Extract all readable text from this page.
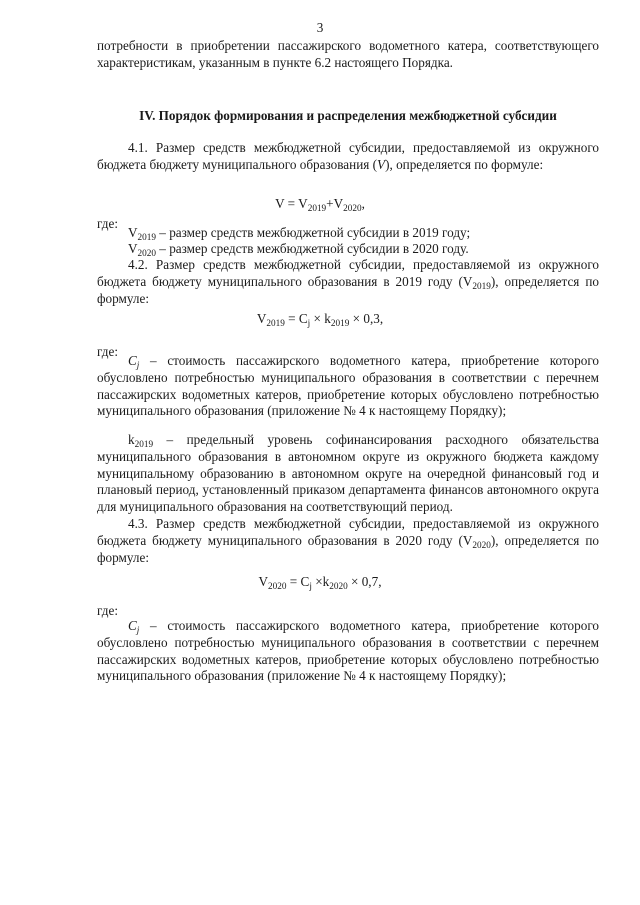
3

потребности в приобретении пассажирского водометного катера, соответствующего характеристикам, указанным в пункте 6.2 настоящего Порядка.

IV. Порядок формирования и распределения межбюджетной субсидии

4.1. Размер средств межбюджетной субсидии, предоставляемой из окружного бюджета бюджету муниципального образования (V), определяется по формуле:

$V = V_{2019}+V_{2020}$,
где:

$V_{2019}$ – размер средств межбюджетной субсидии в 2019 году;

$V_{2020}$ – размер средств межбюджетной субсидии в 2020 году.

4.2. Размер средств межбюджетной субсидии, предоставляемой из окружного бюджета бюджету муниципального образования в 2019 году $(V_{2019})$, определяется по формуле:

$V_{2019} = C_j \times k_{2019} \times 0,3$,
где:

$C_j$ – стоимость пассажирского водометного катера, приобретение которого обусловлено потребностью муниципального образования в соответствии с перечнем пассажирских водометных катеров, приобретение которых обусловлено потребностью муниципального образования (приложение № 4 к настоящему Порядку);

$k_{2019}$ – предельный уровень софинансирования расходного обязательства муниципального образования в автономном округе из окружного бюджета каждому муниципальному образованию в автономном округе на очередной финансовый год и плановый период, установленный приказом департамента финансов автономного округа для муниципального образования на соответствующий период.

4.3. Размер средств межбюджетной субсидии, предоставляемой из окружного бюджета бюджету муниципального образования в 2020 году $(V_{2020})$, определяется по формуле:

$V_{2020} = C_j \times k_{2020} \times 0,7$,
где:

$C_j$ – стоимость пассажирского водометного катера, приобретение которого обусловлено потребностью муниципального образования в соответствии с перечнем пассажирских водометных катеров, приобретение которых обусловлено потребностью муниципального образования (приложение № 4 к настоящему Порядку);
